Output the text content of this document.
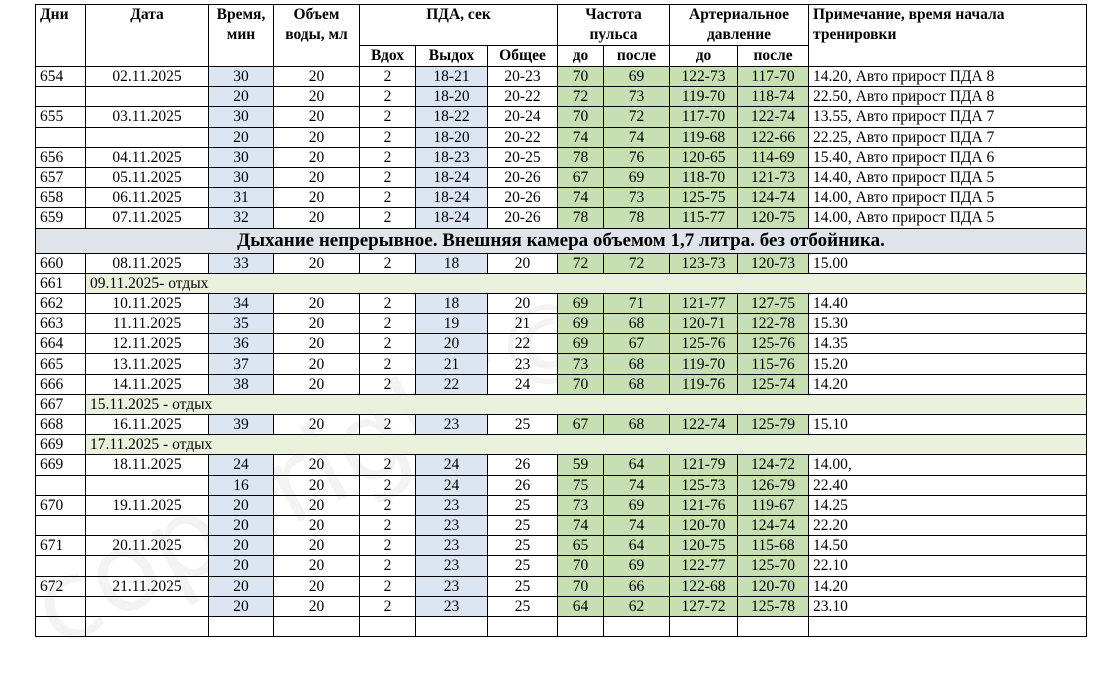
Дни	Дата	Время, мин	Объем воды, мл	ПДА, сек			Частота пульса		Артериальное давление		Примечание, время начала тренировки
				Вдох	Выдох	Общее	до	после	до	после	
654	02.11.2025	30	20	2	18-21	20-23	70	69	122-73	117-70	14.20, Авто прирост ПДА 8
		20	20	2	18-20	20-22	72	73	119-70	118-74	22.50, Авто прирост ПДА 8
655	03.11.2025	30	20	2	18-22	20-24	70	72	117-70	122-74	13.55, Авто прирост ПДА 7
		20	20	2	18-20	20-22	74	74	119-68	122-66	22.25, Авто прирост ПДА 7
656	04.11.2025	30	20	2	18-23	20-25	78	76	120-65	114-69	15.40, Авто прирост ПДА 6
657	05.11.2025	30	20	2	18-24	20-26	67	69	118-70	121-73	14.40, Авто прирост ПДА 5
658	06.11.2025	31	20	2	18-24	20-26	74	73	125-75	124-74	14.00, Авто прирост ПДА 5
659	07.11.2025	32	20	2	18-24	20-26	78	78	115-77	120-75	14.00, Авто прирост ПДА 5
Дыхание непрерывное. Внешняя камера объемом 1,7 литра. без отбойника.											
660	08.11.2025	33	20	2	18	20	72	72	123-73	120-73	15.00
661	09.11.2025- отдых										
662	10.11.2025	34	20	2	18	20	69	71	121-77	127-75	14.40
663	11.11.2025	35	20	2	19	21	69	68	120-71	122-78	15.30
664	12.11.2025	36	20	2	20	22	69	67	125-76	125-76	14.35
665	13.11.2025	37	20	2	21	23	73	68	119-70	115-76	15.20
666	14.11.2025	38	20	2	22	24	70	68	119-76	125-74	14.20
667	15.11.2025 - отдых										
668	16.11.2025	39	20	2	23	25	67	68	122-74	125-79	15.10
669	17.11.2025 - отдых										
669	18.11.2025	24	20	2	24	26	59	64	121-79	124-72	14.00,
		16	20	2	24	26	75	74	125-73	126-79	22.40
670	19.11.2025	20	20	2	23	25	73	69	121-76	119-67	14.25
		20	20	2	23	25	74	74	120-70	124-74	22.20
671	20.11.2025	20	20	2	23	25	65	64	120-75	115-68	14.50
		20	20	2	23	25	70	69	122-77	125-70	22.10
672	21.11.2025	20	20	2	23	25	70	66	122-68	120-70	14.20
		20	20	2	23	25	64	62	127-72	125-78	23.10
